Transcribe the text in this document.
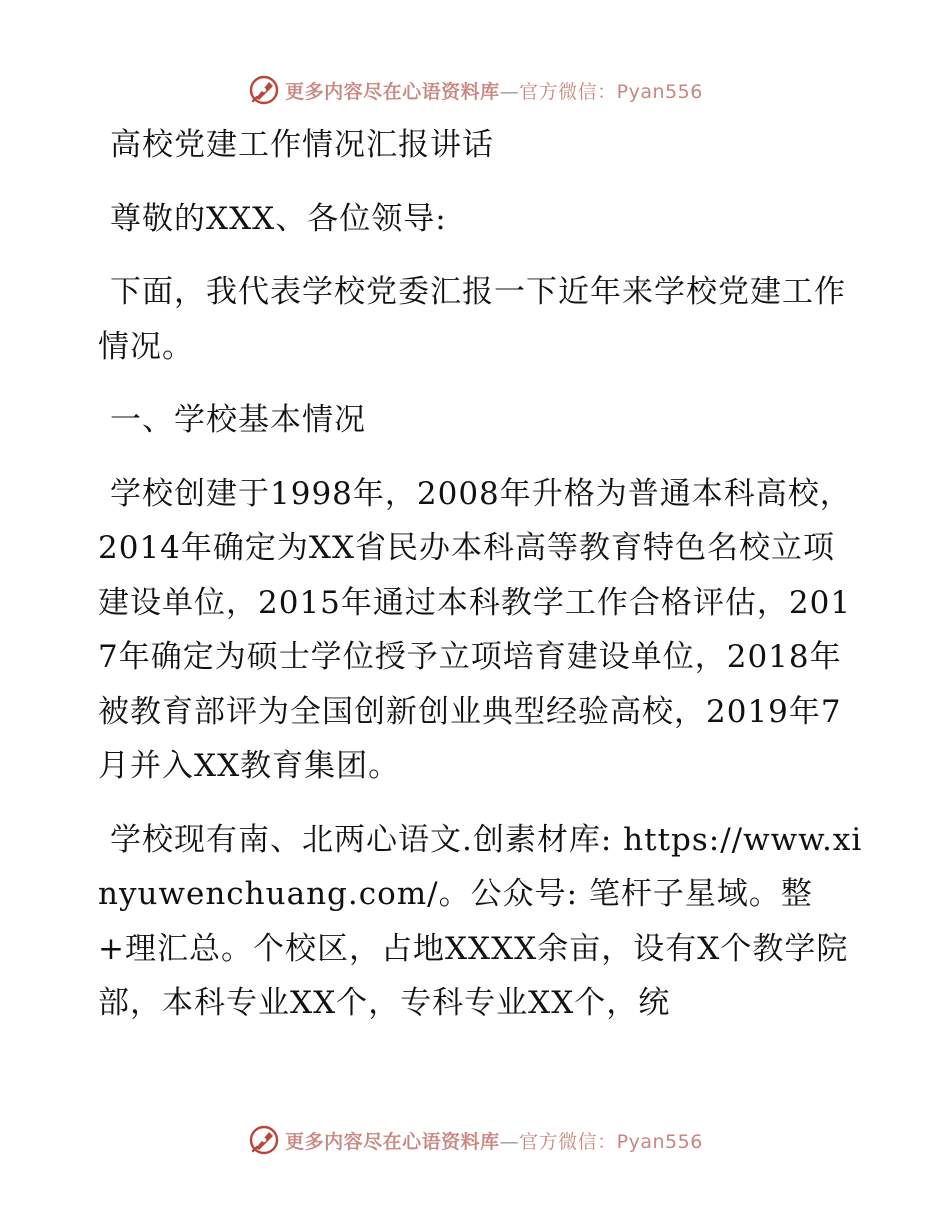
更多内容尽在心语资料库—官方微信：Pyan556

高校党建工作情况汇报讲话

尊敬的XXX、各位领导:

下面，我代表学校党委汇报一下近年来学校党建工作情况。

一、学校基本情况

学校创建于1998年，2008年升格为普通本科高校，2014年确定为XX省民办本科高等教育特色名校立项建设单位，2015年通过本科教学工作合格评估，2017年确定为硕士学位授予立项培育建设单位，2018年被教育部评为全国创新创业典型经验高校，2019年7月并入XX教育集团。

学校现有南、北两心语文.创素材库: https://www.xinyuwenchuang.com/。公众号: 笔杆子星域。整+理汇总。个校区，占地XXXX余亩，设有X个教学院部，本科专业XX个，专科专业XX个，统

更多内容尽在心语资料库—官方微信：Pyan556
